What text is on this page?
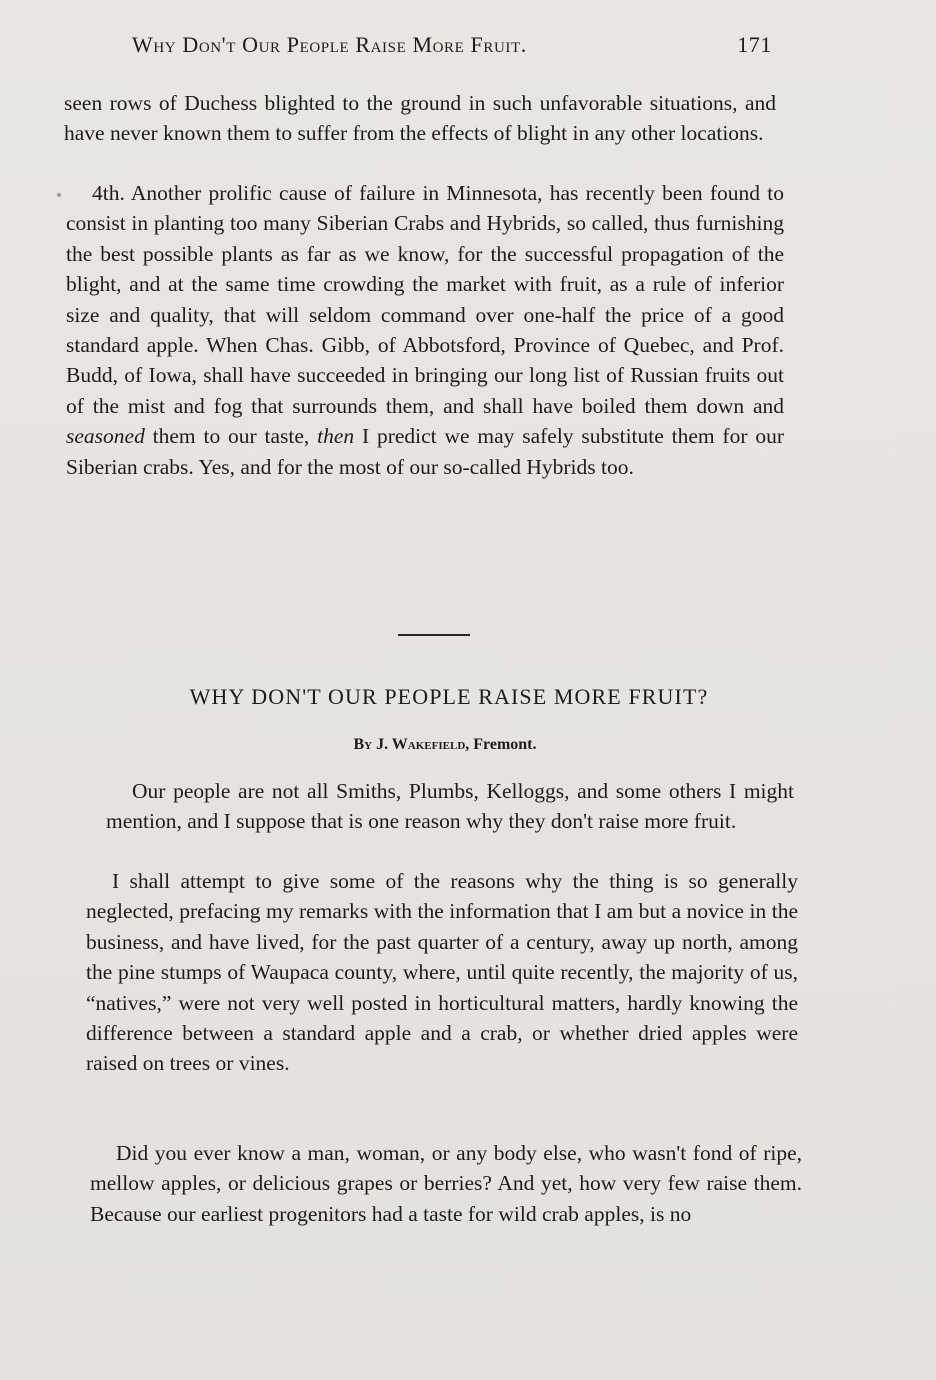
Why Don't Our People Raise More Fruit.	171

seen rows of Duchess blighted to the ground in such unfavorable situations, and have never known them to suffer from the effects of blight in any other locations.

4th. Another prolific cause of failure in Minnesota, has recently been found to consist in planting too many Siberian Crabs and Hybrids, so called, thus furnishing the best possible plants as far as we know, for the successful propagation of the blight, and at the same time crowding the market with fruit, as a rule of inferior size and quality, that will seldom command over one-half the price of a good standard apple. When Chas. Gibb, of Abbotsford, Province of Quebec, and Prof. Budd, of Iowa, shall have succeeded in bringing our long list of Russian fruits out of the mist and fog that surrounds them, and shall have boiled them down and seasoned them to our taste, then I predict we may safely substitute them for our Siberian crabs. Yes, and for the most of our so-called Hybrids too.

WHY DON'T OUR PEOPLE RAISE MORE FRUIT?

By J. Wakefield, Fremont.

Our people are not all Smiths, Plumbs, Kelloggs, and some others I might mention, and I suppose that is one reason why they don't raise more fruit.

I shall attempt to give some of the reasons why the thing is so generally neglected, prefacing my remarks with the information that I am but a novice in the business, and have lived, for the past quarter of a century, away up north, among the pine stumps of Waupaca county, where, until quite recently, the majority of us, “natives,” were not very well posted in horticultural matters, hardly knowing the difference between a standard apple and a crab, or whether dried apples were raised on trees or vines.

Did you ever know a man, woman, or any body else, who wasn't fond of ripe, mellow apples, or delicious grapes or berries? And yet, how very few raise them. Because our earliest progenitors had a taste for wild crab apples, is no
